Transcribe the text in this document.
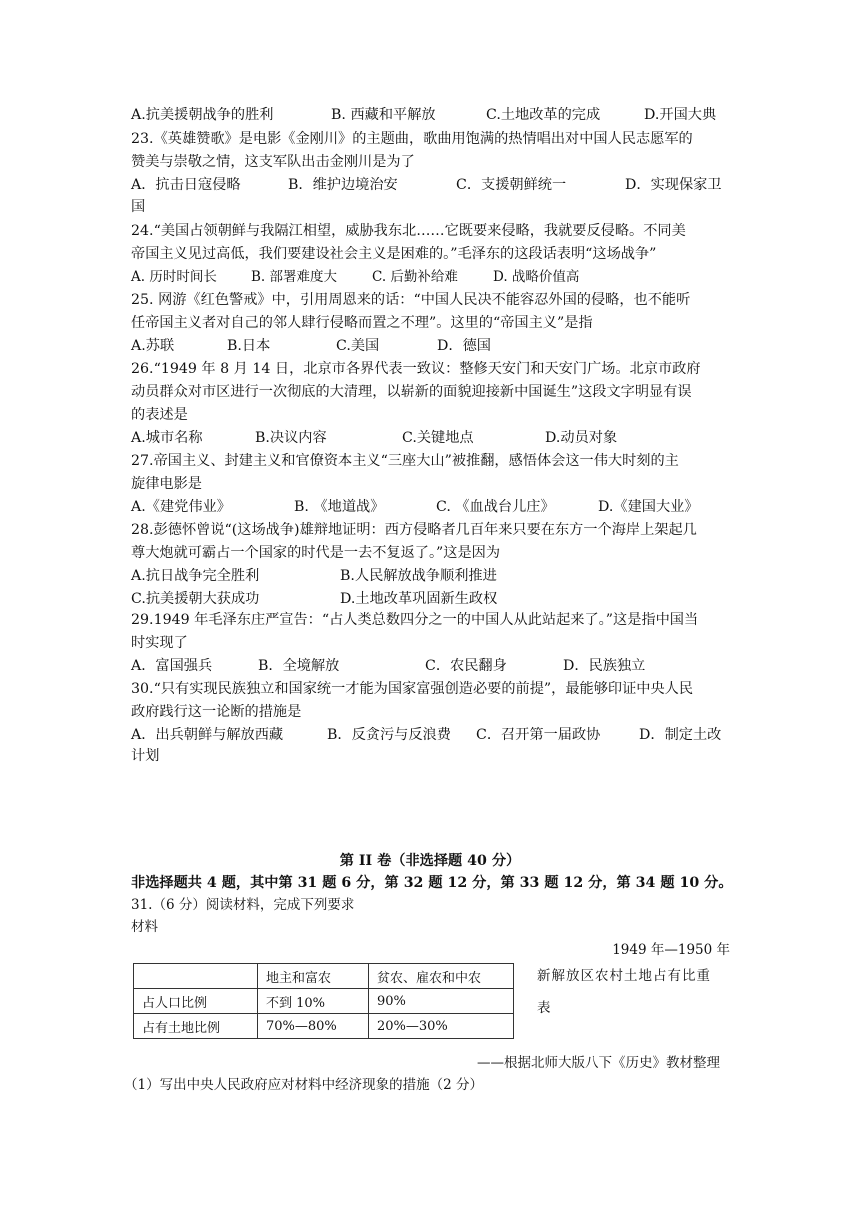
A.抗美援朝战争的胜利	B. 西藏和平解放	C.土地改革的完成	D.开国大典
23.《英雄赞歌》是电影《金刚川》的主题曲，歌曲用饱满的热情唱出对中国人民志愿军的
赞美与崇敬之情，这支军队出击金刚川是为了
A．抗击日寇侵略	B．维护边境治安	C．支援朝鲜统一	D．实现保家卫
国
24.“美国占领朝鲜与我隔江相望，威胁我东北……它既要来侵略，我就要反侵略。不同美
帝国主义见过高低，我们要建设社会主义是困难的。”毛泽东的这段话表明“这场战争”
A. 历时时间长	B. 部署难度大	C. 后勤补给难	D. 战略价值高
25. 网游《红色警戒》中，引用周恩来的话：“中国人民决不能容忍外国的侵略，也不能听
任帝国主义者对自己的邻人肆行侵略而置之不理”。这里的“帝国主义”是指
A.苏联	B.日本	C.美国	D．德国
26.“1949 年 8 月 14 日，北京市各界代表一致议：整修天安门和天安门广场。北京市政府
动员群众对市区进行一次彻底的大清理，以崭新的面貌迎接新中国诞生”这段文字明显有误
的表述是
A.城市名称	B.决议内容	C.关键地点	D.动员对象
27.帝国主义、封建主义和官僚资本主义“三座大山”被推翻，感悟体会这一伟大时刻的主
旋律电影是
A.《建党伟业》	B. 《地道战》	C. 《血战台儿庄》	D.《建国大业》
28.彭德怀曾说“(这场战争)雄辩地证明：西方侵略者几百年来只要在东方一个海岸上架起几
尊大炮就可霸占一个国家的时代是一去不复返了。”这是因为
A.抗日战争完全胜利	B.人民解放战争顺利推进
C.抗美援朝大获成功	D.土地改革巩固新生政权
29.1949 年毛泽东庄严宣告：“占人类总数四分之一的中国人从此站起来了。”这是指中国当
时实现了
A．富国强兵	B．全境解放	C．农民翻身	D．民族独立
30.“只有实现民族独立和国家统一才能为国家富强创造必要的前提”，最能够印证中央人民
政府践行这一论断的措施是
A．出兵朝鲜与解放西藏	B．反贪污与反浪费 C．召开第一届政协	D．制定土改
计划
第 II 卷（非选择题 40 分）
非选择题共 4 题，其中第 31 题 6 分，第 32 题 12 分，第 33 题 12 分，第 34 题 10 分。
31.（6 分）阅读材料，完成下列要求
材料
1949 年—1950 年
新解放区农村土地占有比重
表
	地主和富农	贫农、雇农和中农
占人口比例	不到 10%	90%
占有土地比例	70%—80%	20%—30%
——根据北师大版八下《历史》教材整理
（1）写出中央人民政府应对材料中经济现象的措施（2 分）
